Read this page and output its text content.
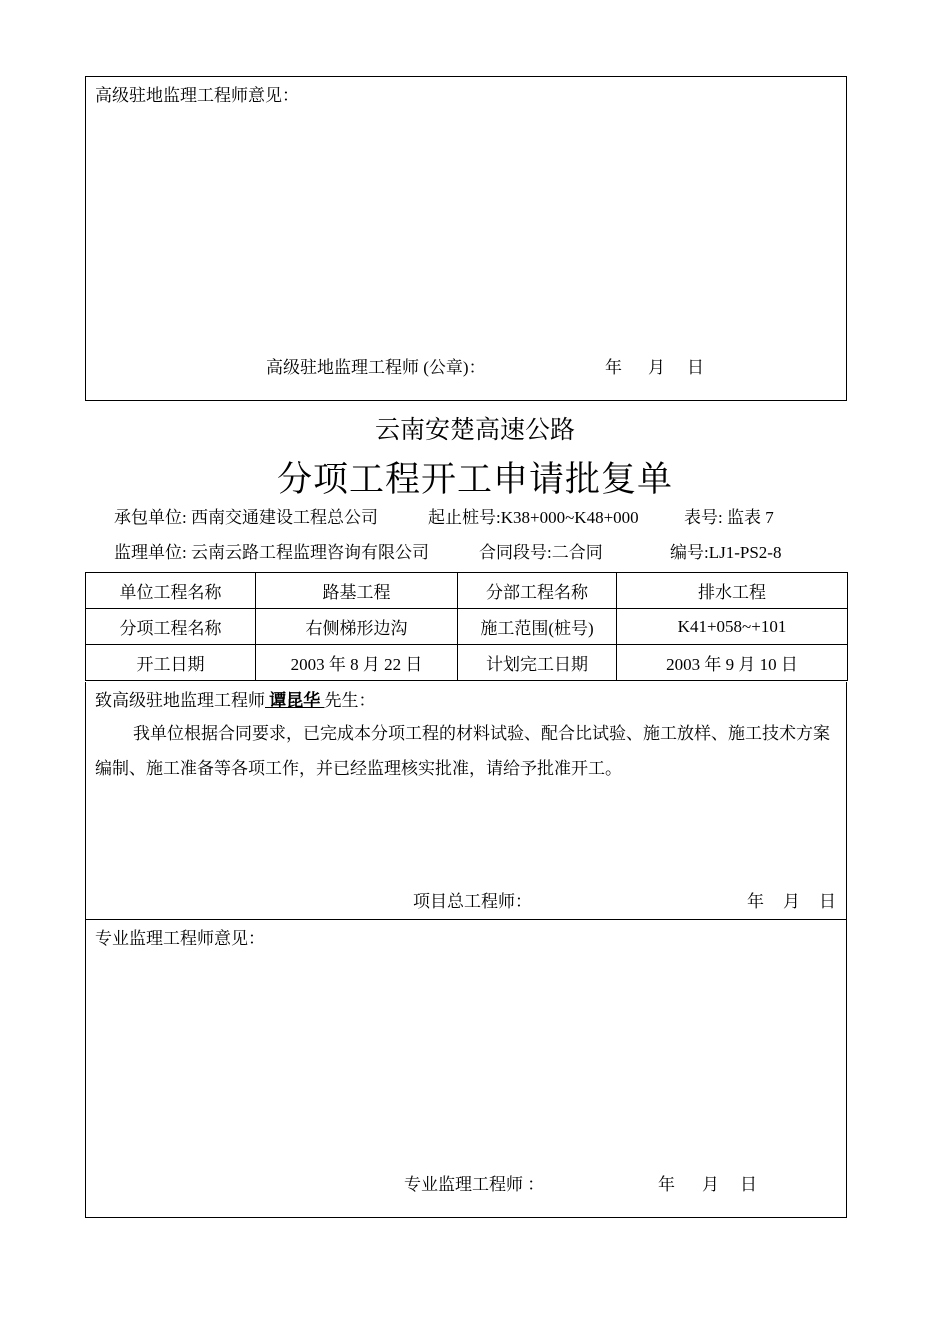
高级驻地监理工程师意见：
高级驻地监理工程师 (公章)：	年 月 日
云南安楚高速公路
分项工程开工申请批复单
承包单位: 西南交通建设工程总公司	起止桩号:K38+000~K48+000	表号: 监表 7
监理单位: 云南云路工程监理咨询有限公司	合同段号:二合同	编号:LJ1-PS2-8
单位工程名称	路基工程	分部工程名称	排水工程
分项工程名称	右侧梯形边沟	施工范围(桩号)	K41+058~+101
开工日期	2003 年 8 月 22 日	计划完工日期	2003 年 9 月 10 日
致高级驻地监理工程师 谭昆华 先生：
我单位根据合同要求，已完成本分项工程的材料试验、配合比试验、施工放样、施工技术方案编制、施工准备等各项工作，并已经监理核实批准，请给予批准开工。
项目总工程师：	年 月 日
专业监理工程师意见：
专业监理工程师 ：	年 月 日
